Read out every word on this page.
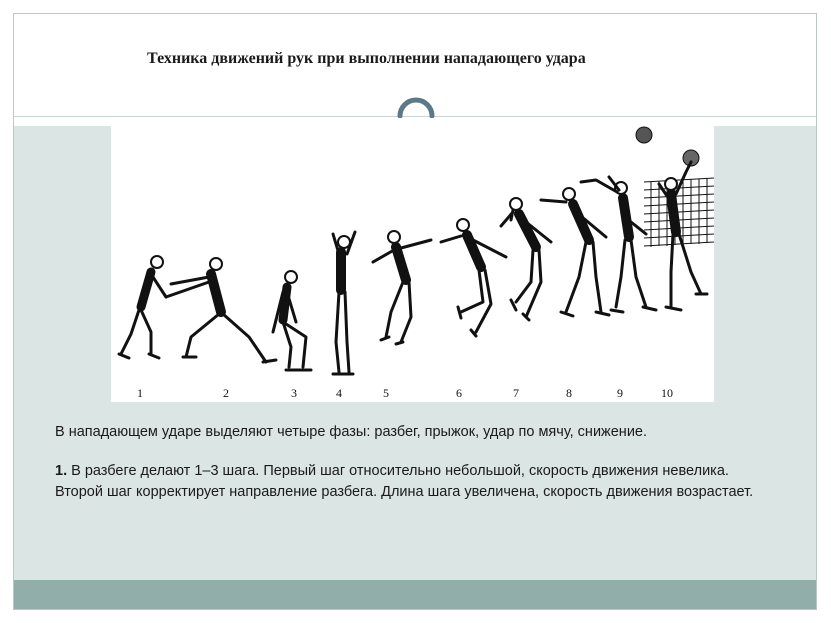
Техника движений рук при выполнении нападающего удара
1	2	3	4	5	6	7	8	9	10

В нападающем ударе выделяют четыре фазы: разбег, прыжок, удар по мячу, снижение.

1. В разбеге делают 1–3 шага. Первый шаг относительно небольшой, скорость движения невелика. Второй шаг корректирует направление разбега. Длина шага увеличена, скорость движения возрастает.
